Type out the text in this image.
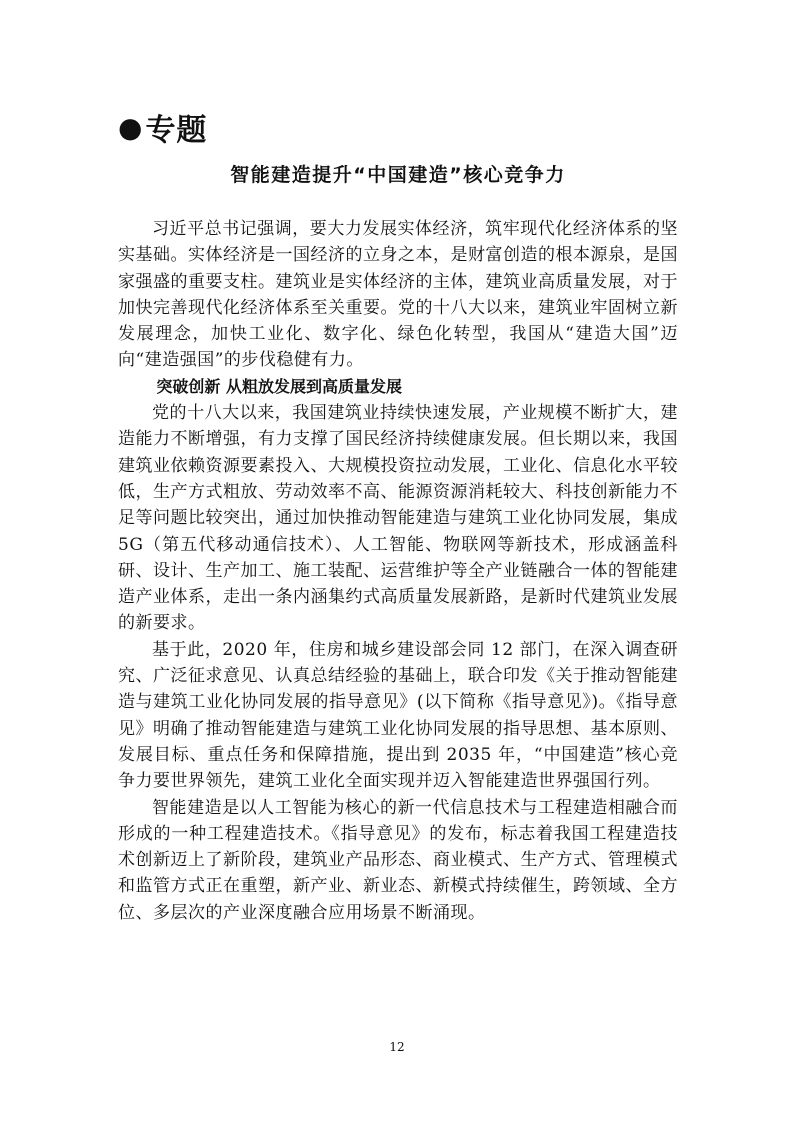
● 专题
智能建造提升“中国建造”核心竞争力

习近平总书记强调，要大力发展实体经济，筑牢现代化经济体系的坚实基础。实体经济是一国经济的立身之本，是财富创造的根本源泉，是国家强盛的重要支柱。建筑业是实体经济的主体，建筑业高质量发展，对于加快完善现代化经济体系至关重要。党的十八大以来，建筑业牢固树立新发展理念，加快工业化、数字化、绿色化转型，我国从“建造大国”迈向“建造强国”的步伐稳健有力。

突破创新 从粗放发展到高质量发展

党的十八大以来，我国建筑业持续快速发展，产业规模不断扩大，建造能力不断增强，有力支撑了国民经济持续健康发展。但长期以来，我国建筑业依赖资源要素投入、大规模投资拉动发展，工业化、信息化水平较低，生产方式粗放、劳动效率不高、能源资源消耗较大、科技创新能力不足等问题比较突出，通过加快推动智能建造与建筑工业化协同发展，集成 5G（第五代移动通信技术）、人工智能、物联网等新技术，形成涵盖科研、设计、生产加工、施工装配、运营维护等全产业链融合一体的智能建造产业体系，走出一条内涵集约式高质量发展新路，是新时代建筑业发展的新要求。

基于此，2020 年，住房和城乡建设部会同 12 部门，在深入调查研究、广泛征求意见、认真总结经验的基础上，联合印发《关于推动智能建造与建筑工业化协同发展的指导意见》(以下简称《指导意见》)。《指导意见》明确了推动智能建造与建筑工业化协同发展的指导思想、基本原则、发展目标、重点任务和保障措施，提出到 2035 年，“中国建造”核心竞争力要世界领先，建筑工业化全面实现并迈入智能建造世界强国行列。

智能建造是以人工智能为核心的新一代信息技术与工程建造相融合而形成的一种工程建造技术。《指导意见》的发布，标志着我国工程建造技术创新迈上了新阶段，建筑业产品形态、商业模式、生产方式、管理模式和监管方式正在重塑，新产业、新业态、新模式持续催生，跨领域、全方位、多层次的产业深度融合应用场景不断涌现。

12
